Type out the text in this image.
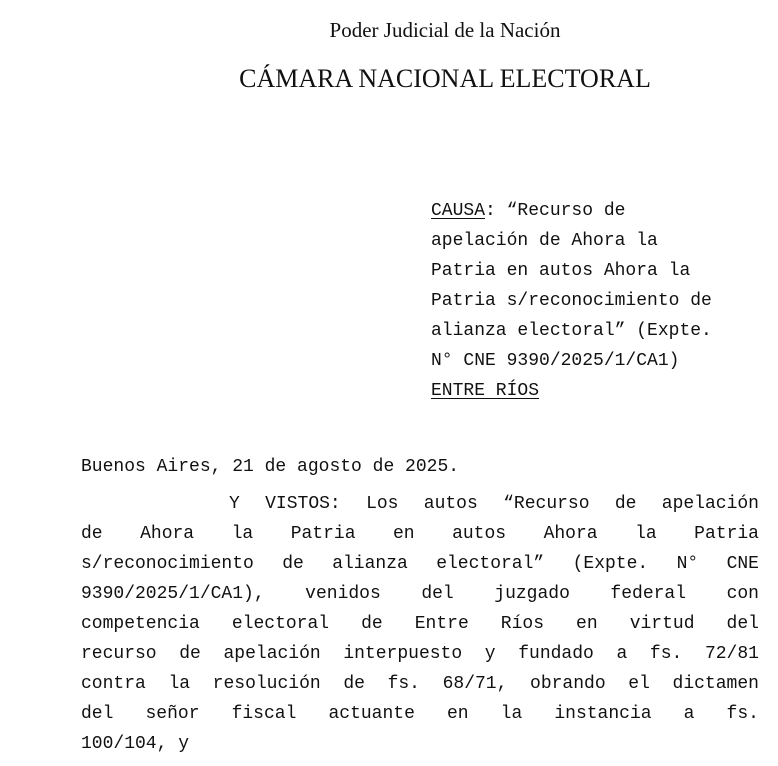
Poder Judicial de la Nación
CÁMARA NACIONAL ELECTORAL
CAUSA: “Recurso de
apelación de Ahora la
Patria en autos Ahora la
Patria s/reconocimiento de
alianza electoral” (Expte.
N° CNE 9390/2025/1/CA1)
ENTRE RÍOS
Buenos Aires, 21 de agosto de 2025.
Y VISTOS: Los autos “Recurso de apelación
de Ahora la Patria en autos Ahora la Patria
s/reconocimiento de alianza electoral” (Expte. N° CNE
9390/2025/1/CA1), venidos del juzgado federal con
competencia electoral de Entre Ríos en virtud del
recurso de apelación interpuesto y fundado a fs. 72/81
contra la resolución de fs. 68/71, obrando el dictamen
del señor fiscal actuante en la instancia a fs.
100/104, y
